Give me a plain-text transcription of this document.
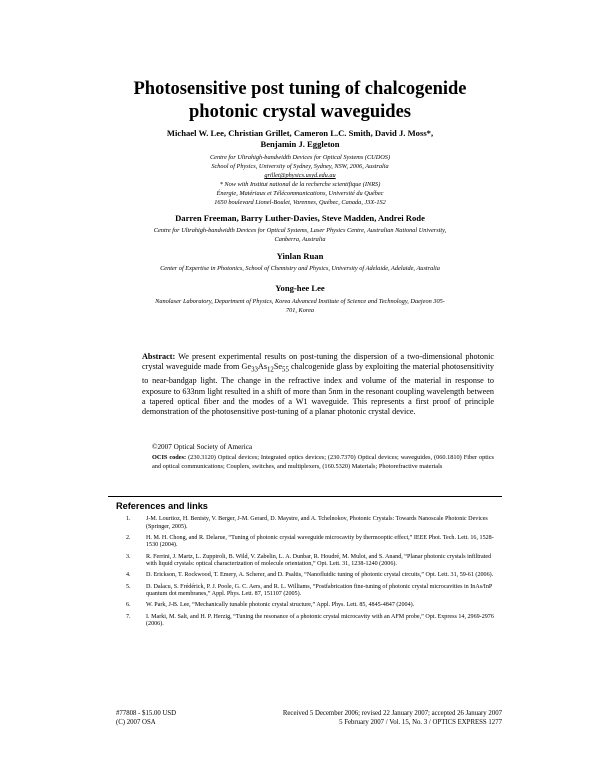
Photosensitive post tuning of chalcogenide
photonic crystal waveguides
Michael W. Lee, Christian Grillet, Cameron L.C. Smith, David J. Moss*,
Benjamin J. Eggleton
Centre for Ultrahigh-bandwidth Devices for Optical Systems (CUDOS)
School of Physics, University of Sydney, Sydney, NSW, 2006, Australia
grillet@physics.usyd.edu.au
* Now with Institut national de la recherche scientifique (INRS)
Énergie, Matériaux et Télécommunications, Université du Québec
1650 boulevard Lionel-Boulet, Varennes, Québec, Canada, J3X-1S2
Darren Freeman, Barry Luther-Davies, Steve Madden, Andrei Rode
Centre for Ultrahigh-bandwidth Devices for Optical Systems, Laser Physics Centre, Australian National University,
Canberra, Australia
Yinlan Ruan
Center of Expertise in Photonics, School of Chemistry and Physics, University of Adelaide, Adelaide, Australia
Yong-hee Lee
Nanolaser Laboratory, Department of Physics, Korea Advanced Institute of Science and Technology, Daejeon 305-
701, Korea
Abstract: We present experimental results on post-tuning the dispersion of a two-dimensional photonic crystal waveguide made from $Ge_{33}As_{12}Se_{55}$ chalcogenide glass by exploiting the material photosensitivity to near-bandgap light. The change in the refractive index and volume of the material in response to exposure to 633nm light resulted in a shift of more than 5nm in the resonant coupling wavelength between a tapered optical fiber and the modes of a W1 waveguide. This represents a first proof of principle demonstration of the photosensitive post-tuning of a planar photonic crystal device.
©2007 Optical Society of America
OCIS codes: (230.3120) Optical devices; Integrated optics devices; (230.7370) Optical devices; waveguides, (060.1810) Fiber optics and optical communications; Couplers, switches, and multiplexers, (160.5320) Materials; Photorefractive materials
References and links
1.	J-M. Lourtioz, H. Benisty, V. Berger, J-M. Gerard, D. Maystre, and A. Tchelnokov, Photonic Crystals: Towards Nanoscale Photonic Devices (Springer, 2005).
2.	H. M. H. Chong, and R. Delarue, “Tuning of photonic crystal waveguide microcavity by thermooptic effect,” IEEE Phot. Tech. Lett. 16, 1528-1530 (2004).
3.	R. Ferrini, J. Martz, L. Zuppiroli, B. Wild, V. Zabelin, L. A. Dunbar, R. Houdré, M. Mulot, and S. Anand, “Planar photonic crystals infiltrated with liquid crystals: optical characterization of molecule orientation,” Opt. Lett. 31, 1238-1240 (2006).
4.	D. Erickson, T. Rockwood, T. Emery, A. Scherer, and D. Psaltis, “Nanofluidic tuning of photonic crystal circuits,” Opt. Lett. 31, 59-61 (2006).
5.	D. Dalacu, S. Frédérick, P. J. Poole, G. C. Aers, and R. L. Williams, “Postfabrication fine-tuning of photonic crystal microcavities in InAs/InP quantum dot membranes,” Appl. Phys. Lett. 87, 151107 (2005).
6.	W. Park, J-B. Lee, “Mechanically tunable photonic crystal structure,” Appl. Phys. Lett. 85, 4845-4847 (2004).
7.	I. Marki, M. Salt, and H. P. Herzig, “Tuning the resonance of a photonic crystal microcavity with an AFM probe,” Opt. Express 14, 2969-2976 (2006).
#77808 - $15.00 USD	Received 5 December 2006; revised 22 January 2007; accepted 26 January 2007
(C) 2007 OSA	5 February 2007 / Vol. 15, No. 3 / OPTICS EXPRESS 1277
